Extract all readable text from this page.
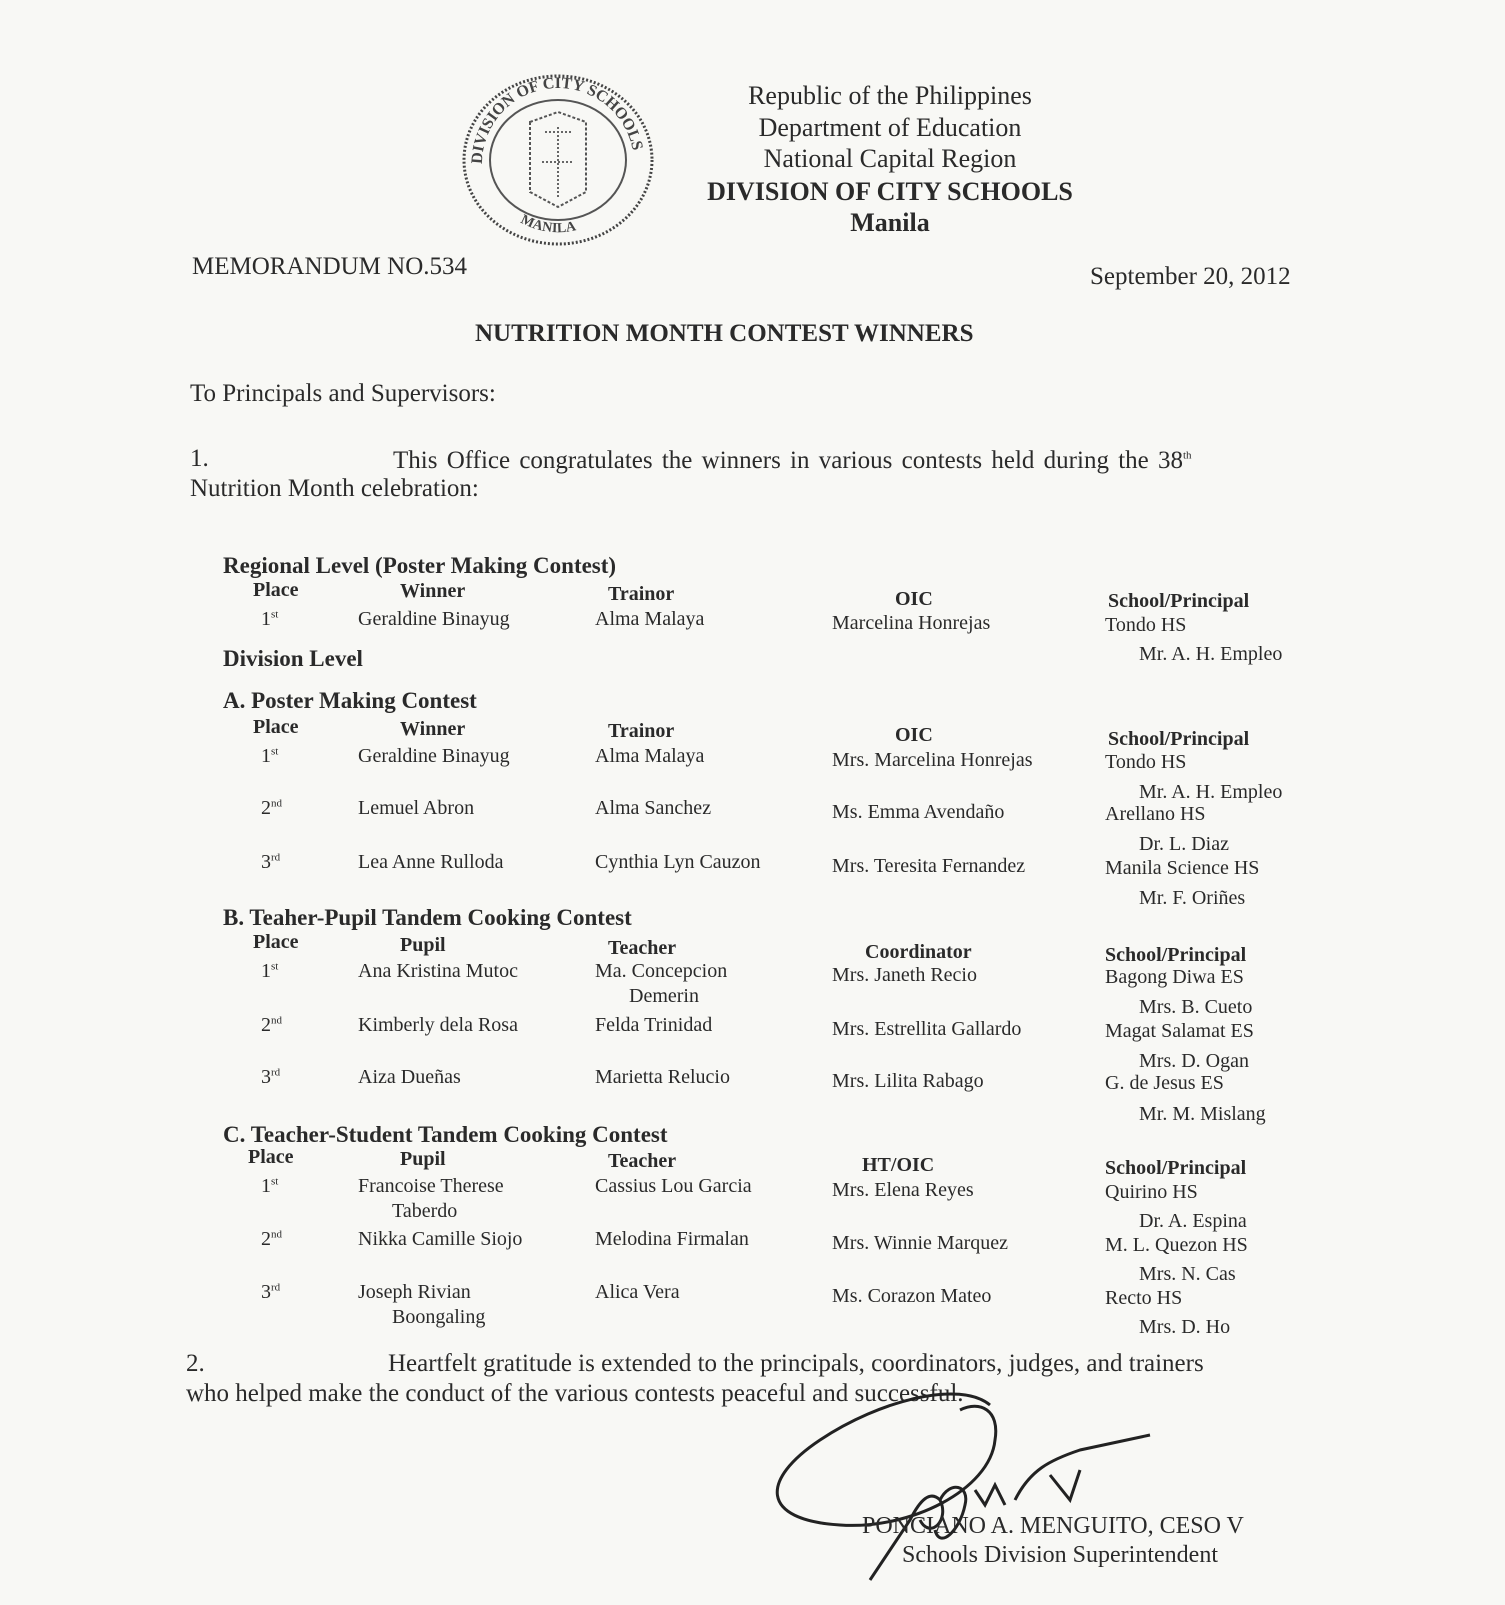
DIVISION OF CITY SCHOOLS
MANILA
Republic of the Philippines
Department of Education
National Capital Region
DIVISION OF CITY SCHOOLS
Manila
MEMORANDUM NO.534	September 20, 2012
NUTRITION MONTH CONTEST WINNERS
To Principals and Supervisors:
1.	This Office congratulates the winners in various contests held during the 38th
Nutrition Month celebration:
Division Level
Regional Level (Poster Making Contest)
Place	Winner	Trainor	OIC	School/Principal
1st	Geraldine Binayug	Alma Malaya	Marcelina Honrejas	Tondo HS
Mr. A. H. Empleo
A. Poster Making Contest
Place	Winner	Trainor	OIC	School/Principal
1st	Geraldine Binayug	Alma Malaya	Mrs. Marcelina Honrejas	Tondo HS
Mr. A. H. Empleo
2nd	Lemuel Abron	Alma Sanchez	Ms. Emma Avendaño	Arellano HS
Dr. L. Diaz
3rd	Lea Anne Rulloda	Cynthia Lyn Cauzon	Mrs. Teresita Fernandez	Manila Science HS
Mr. F. Oriñes
B. Teaher-Pupil Tandem Cooking Contest
Place	Pupil	Teacher	Coordinator	School/Principal
1st	Ana Kristina Mutoc	Ma. Concepcion
Demerin
Mrs. Janeth Recio	Bagong Diwa ES
Mrs. B. Cueto
2nd	Kimberly dela Rosa	Felda Trinidad	Mrs. Estrellita Gallardo	Magat Salamat ES
Mrs. D. Ogan
3rd	Aiza Dueñas	Marietta Relucio	Mrs. Lilita Rabago	G. de Jesus ES
Mr. M. Mislang
C. Teacher-Student Tandem Cooking Contest
Place	Pupil	Teacher	HT/OIC	School/Principal
1st	Francoise Therese
Taberdo
Cassius Lou Garcia	Mrs. Elena Reyes	Quirino HS
Dr. A. Espina
2nd	Nikka Camille Siojo	Melodina Firmalan	Mrs. Winnie Marquez	M. L. Quezon HS
Mrs. N. Cas
3rd	Joseph Rivian
Boongaling
Alica Vera	Ms. Corazon Mateo	Recto HS
Mrs. D. Ho
2.	Heartfelt gratitude is extended to the principals, coordinators, judges, and trainers
who helped make the conduct of the various contests peaceful and successful.
PONCIANO A. MENGUITO, CESO V
Schools Division Superintendent
